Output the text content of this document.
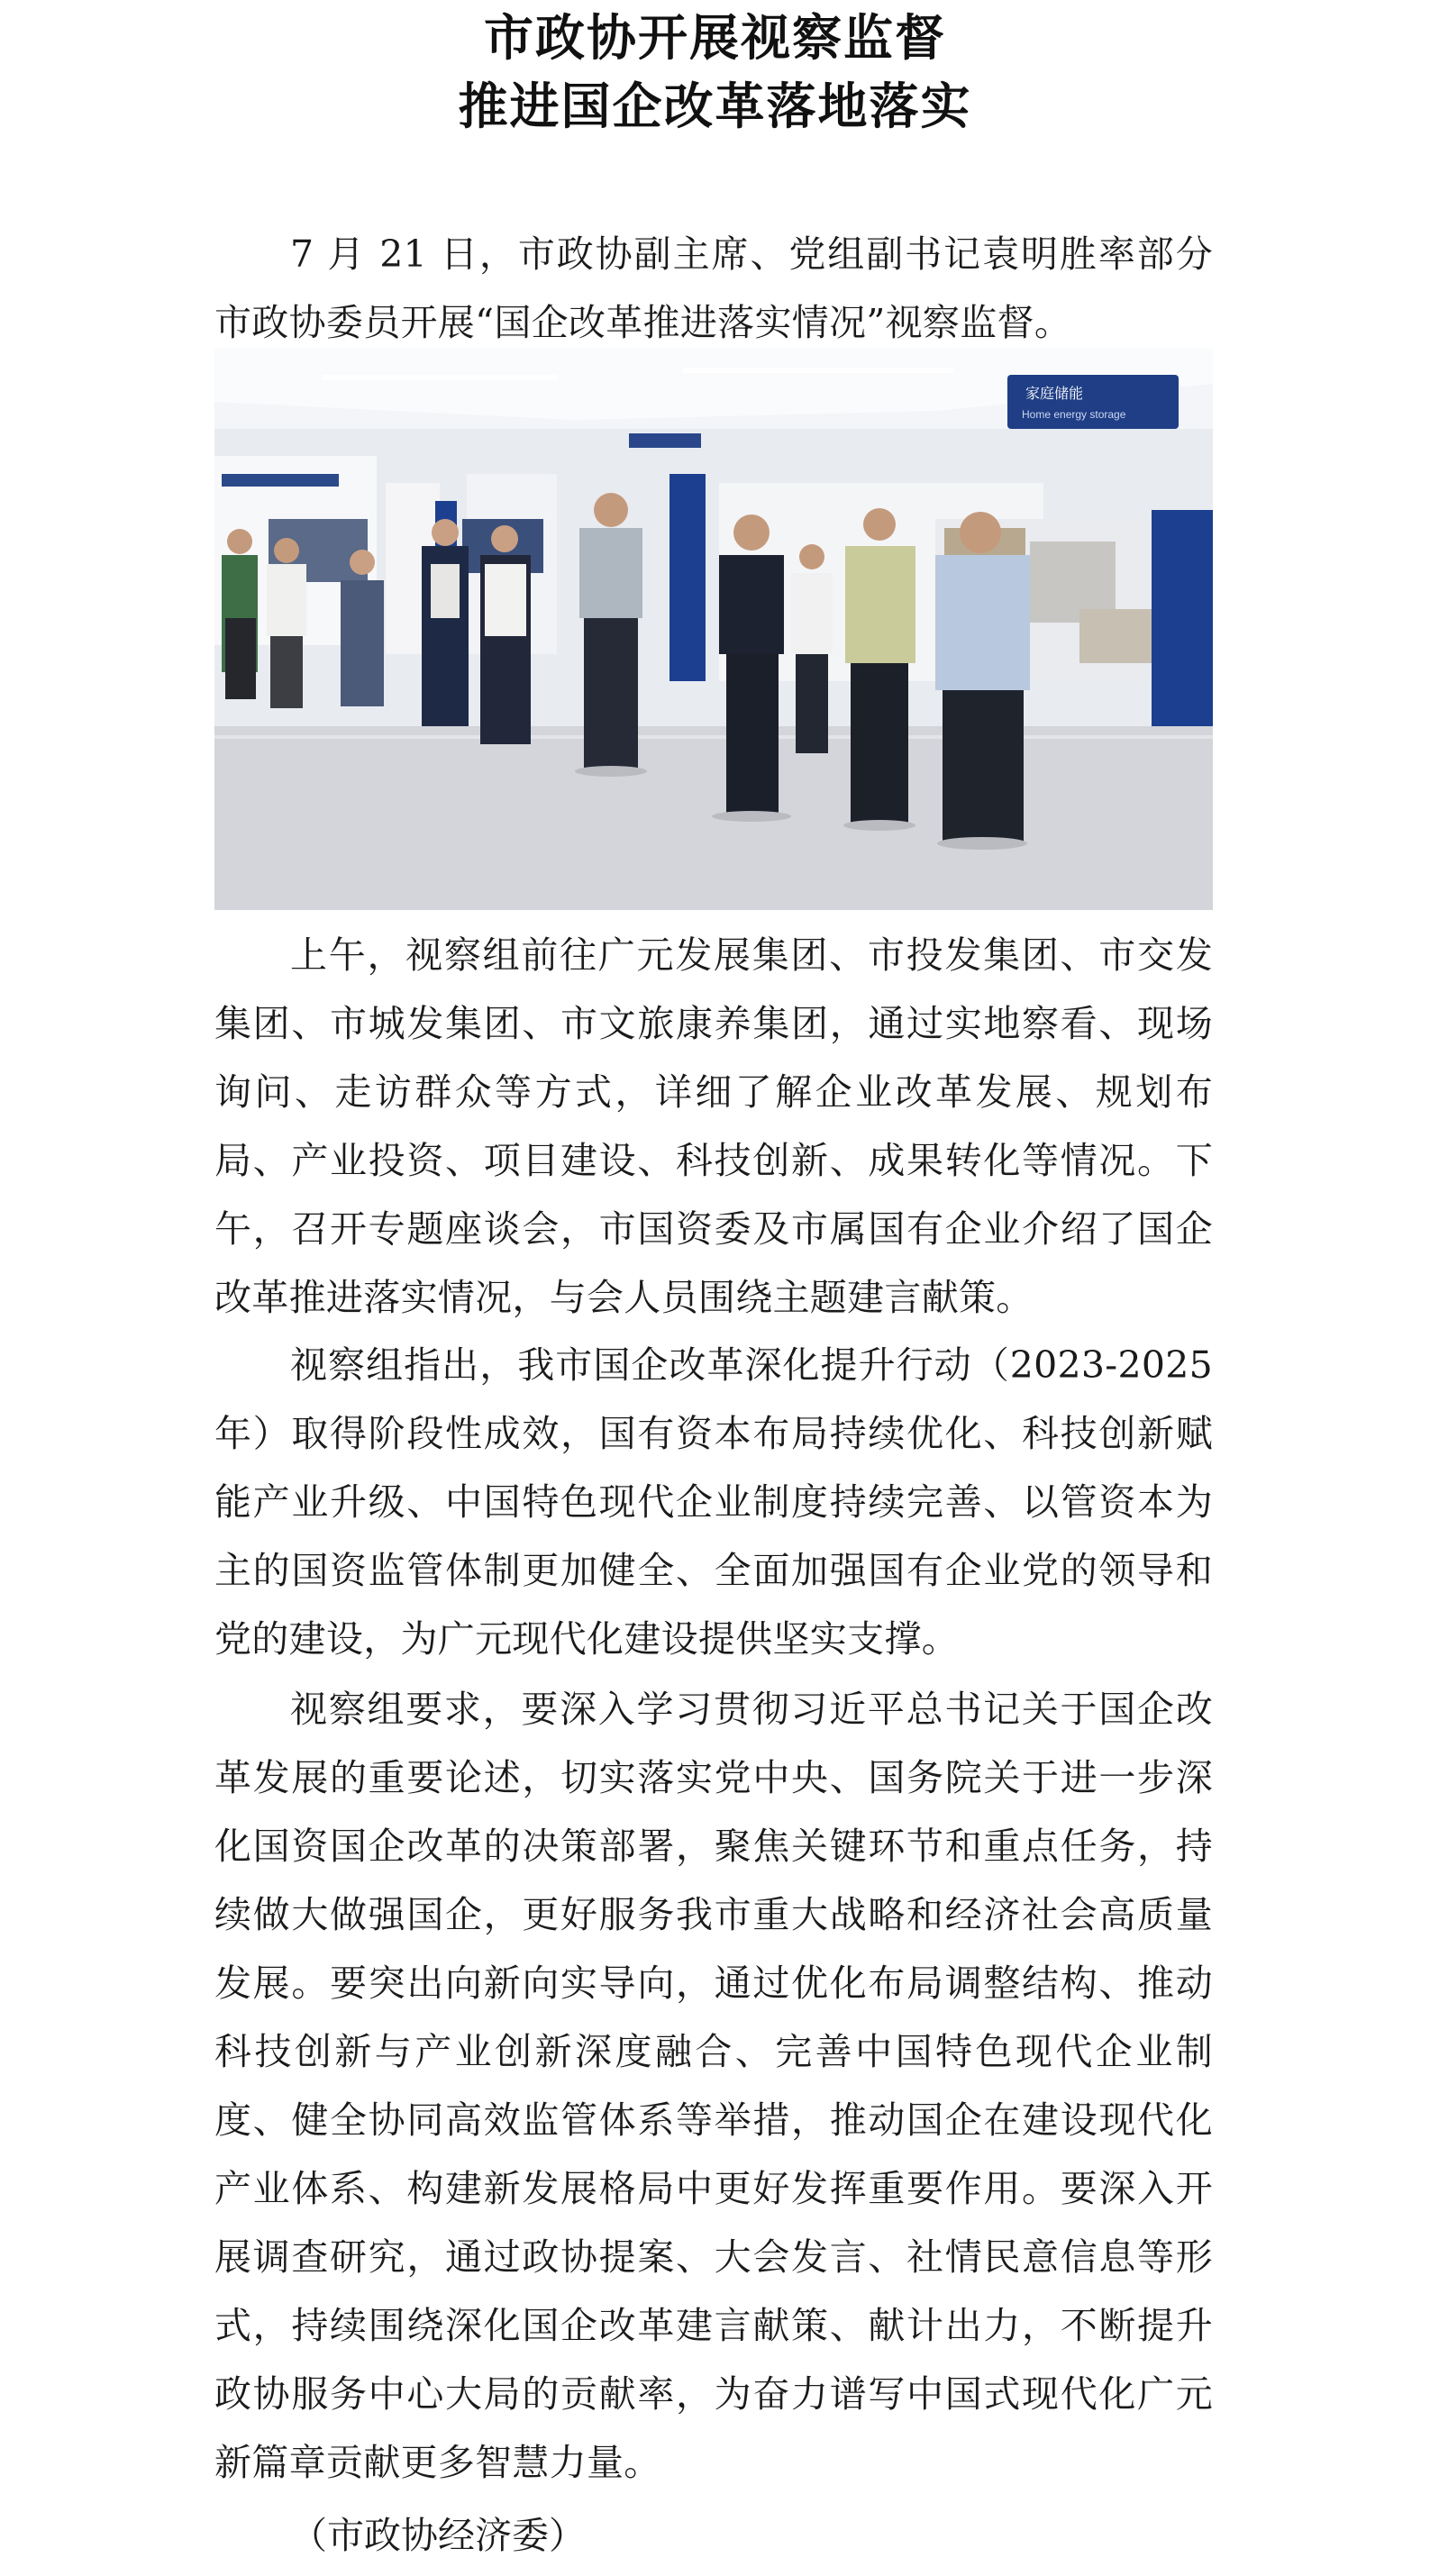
市政协开展视察监督
推进国企改革落地落实
7 月 21 日，市政协副主席、党组副书记袁明胜率部分市政协委员开展“国企改革推进落实情况”视察监督。
家庭储能
Home energy storage
上午，视察组前往广元发展集团、市投发集团、市交发集团、市城发集团、市文旅康养集团，通过实地察看、现场询问、走访群众等方式，详细了解企业改革发展、规划布局、产业投资、项目建设、科技创新、成果转化等情况。下午，召开专题座谈会，市国资委及市属国有企业介绍了国企改革推进落实情况，与会人员围绕主题建言献策。
视察组指出，我市国企改革深化提升行动（2023-2025年）取得阶段性成效，国有资本布局持续优化、科技创新赋能产业升级、中国特色现代企业制度持续完善、以管资本为主的国资监管体制更加健全、全面加强国有企业党的领导和党的建设，为广元现代化建设提供坚实支撑。
视察组要求，要深入学习贯彻习近平总书记关于国企改革发展的重要论述，切实落实党中央、国务院关于进一步深化国资国企改革的决策部署，聚焦关键环节和重点任务，持续做大做强国企，更好服务我市重大战略和经济社会高质量发展。要突出向新向实导向，通过优化布局调整结构、推动科技创新与产业创新深度融合、完善中国特色现代企业制度、健全协同高效监管体系等举措，推动国企在建设现代化产业体系、构建新发展格局中更好发挥重要作用。要深入开展调查研究，通过政协提案、大会发言、社情民意信息等形式，持续围绕深化国企改革建言献策、献计出力，不断提升政协服务中心大局的贡献率，为奋力谱写中国式现代化广元新篇章贡献更多智慧力量。
（市政协经济委）
